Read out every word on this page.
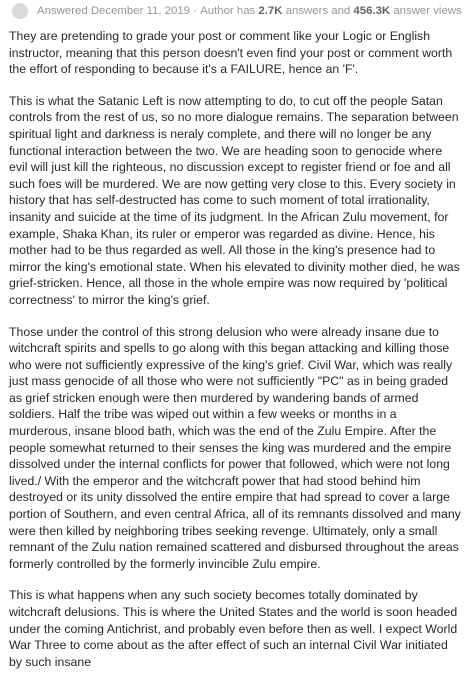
Answered December 11, 2019 · Author has
2.7K
answers and
456.3K
answer views

They are pretending to grade your post or comment like your Logic or English instructor, meaning that this person doesn't even find your post or comment worth the effort of responding to because it's a FAILURE, hence an 'F'.

This is what the Satanic Left is now attempting to do, to cut off the people Satan controls from the rest of us, so no more dialogue remains. The separation between spiritual light and darkness is neraly complete, and there will no longer be any functional interaction between the two. We are heading soon to genocide where evil will just kill the righteous, no discussion except to register friend or foe and all such foes will be murdered. We are now getting very close to this. Every society in history that has self-destructed has come to such moment of total irrationality, insanity and suicide at the time of its judgment. In the African Zulu movement, for example, Shaka Khan, its ruler or emperor was regarded as divine. Hence, his mother had to be thus regarded as well. All those in the king's presence had to mirror the king's emotional state. When his elevated to divinity mother died, he was grief-stricken. Hence, all those in the whole empire was now required by 'political correctness' to mirror the king's grief.

Those under the control of this strong delusion who were already insane due to witchcraft spirits and spells to go along with this began attacking and killing those who were not sufficiently expressive of the king's grief. Civil War, which was really just mass genocide of all those who were not sufficiently "PC" as in being graded as grief stricken enough were then murdered by wandering bands of armed soldiers. Half the tribe was wiped out within a few weeks or months in a murderous, insane blood bath, which was the end of the Zulu Empire. After the people somewhat returned to their senses the king was murdered and the empire dissolved under the internal conflicts for power that followed, which were not long lived./ With the emperor and the witchcraft power that had stood behind him destroyed or its unity dissolved the entire empire that had spread to cover a large portion of Southern, and even central Africa, all of its remnants dissolved and many were then killed by neighboring tribes seeking revenge. Ultimately, only a small remnant of the Zulu nation remained scattered and disbursed throughout the areas formerly controlled by the formerly invincible Zulu empire.

This is what happens when any such society becomes totally dominated by witchcraft delusions. This is where the United States and the world is soon headed under the coming Antichrist, and probably even before then as well. I expect World War Three to come about as the after effect of such an internal Civil War initiated by such insane
